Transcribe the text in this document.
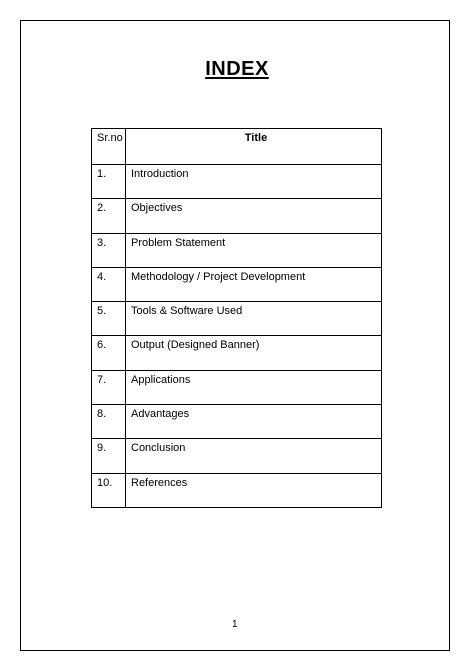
INDEX
Sr.no	Title
1.	Introduction
2.	Objectives
3.	Problem Statement
4.	Methodology / Project Development
5.	Tools & Software Used
6.	Output (Designed Banner)
7.	Applications
8.	Advantages
9.	Conclusion
10.	References
1
